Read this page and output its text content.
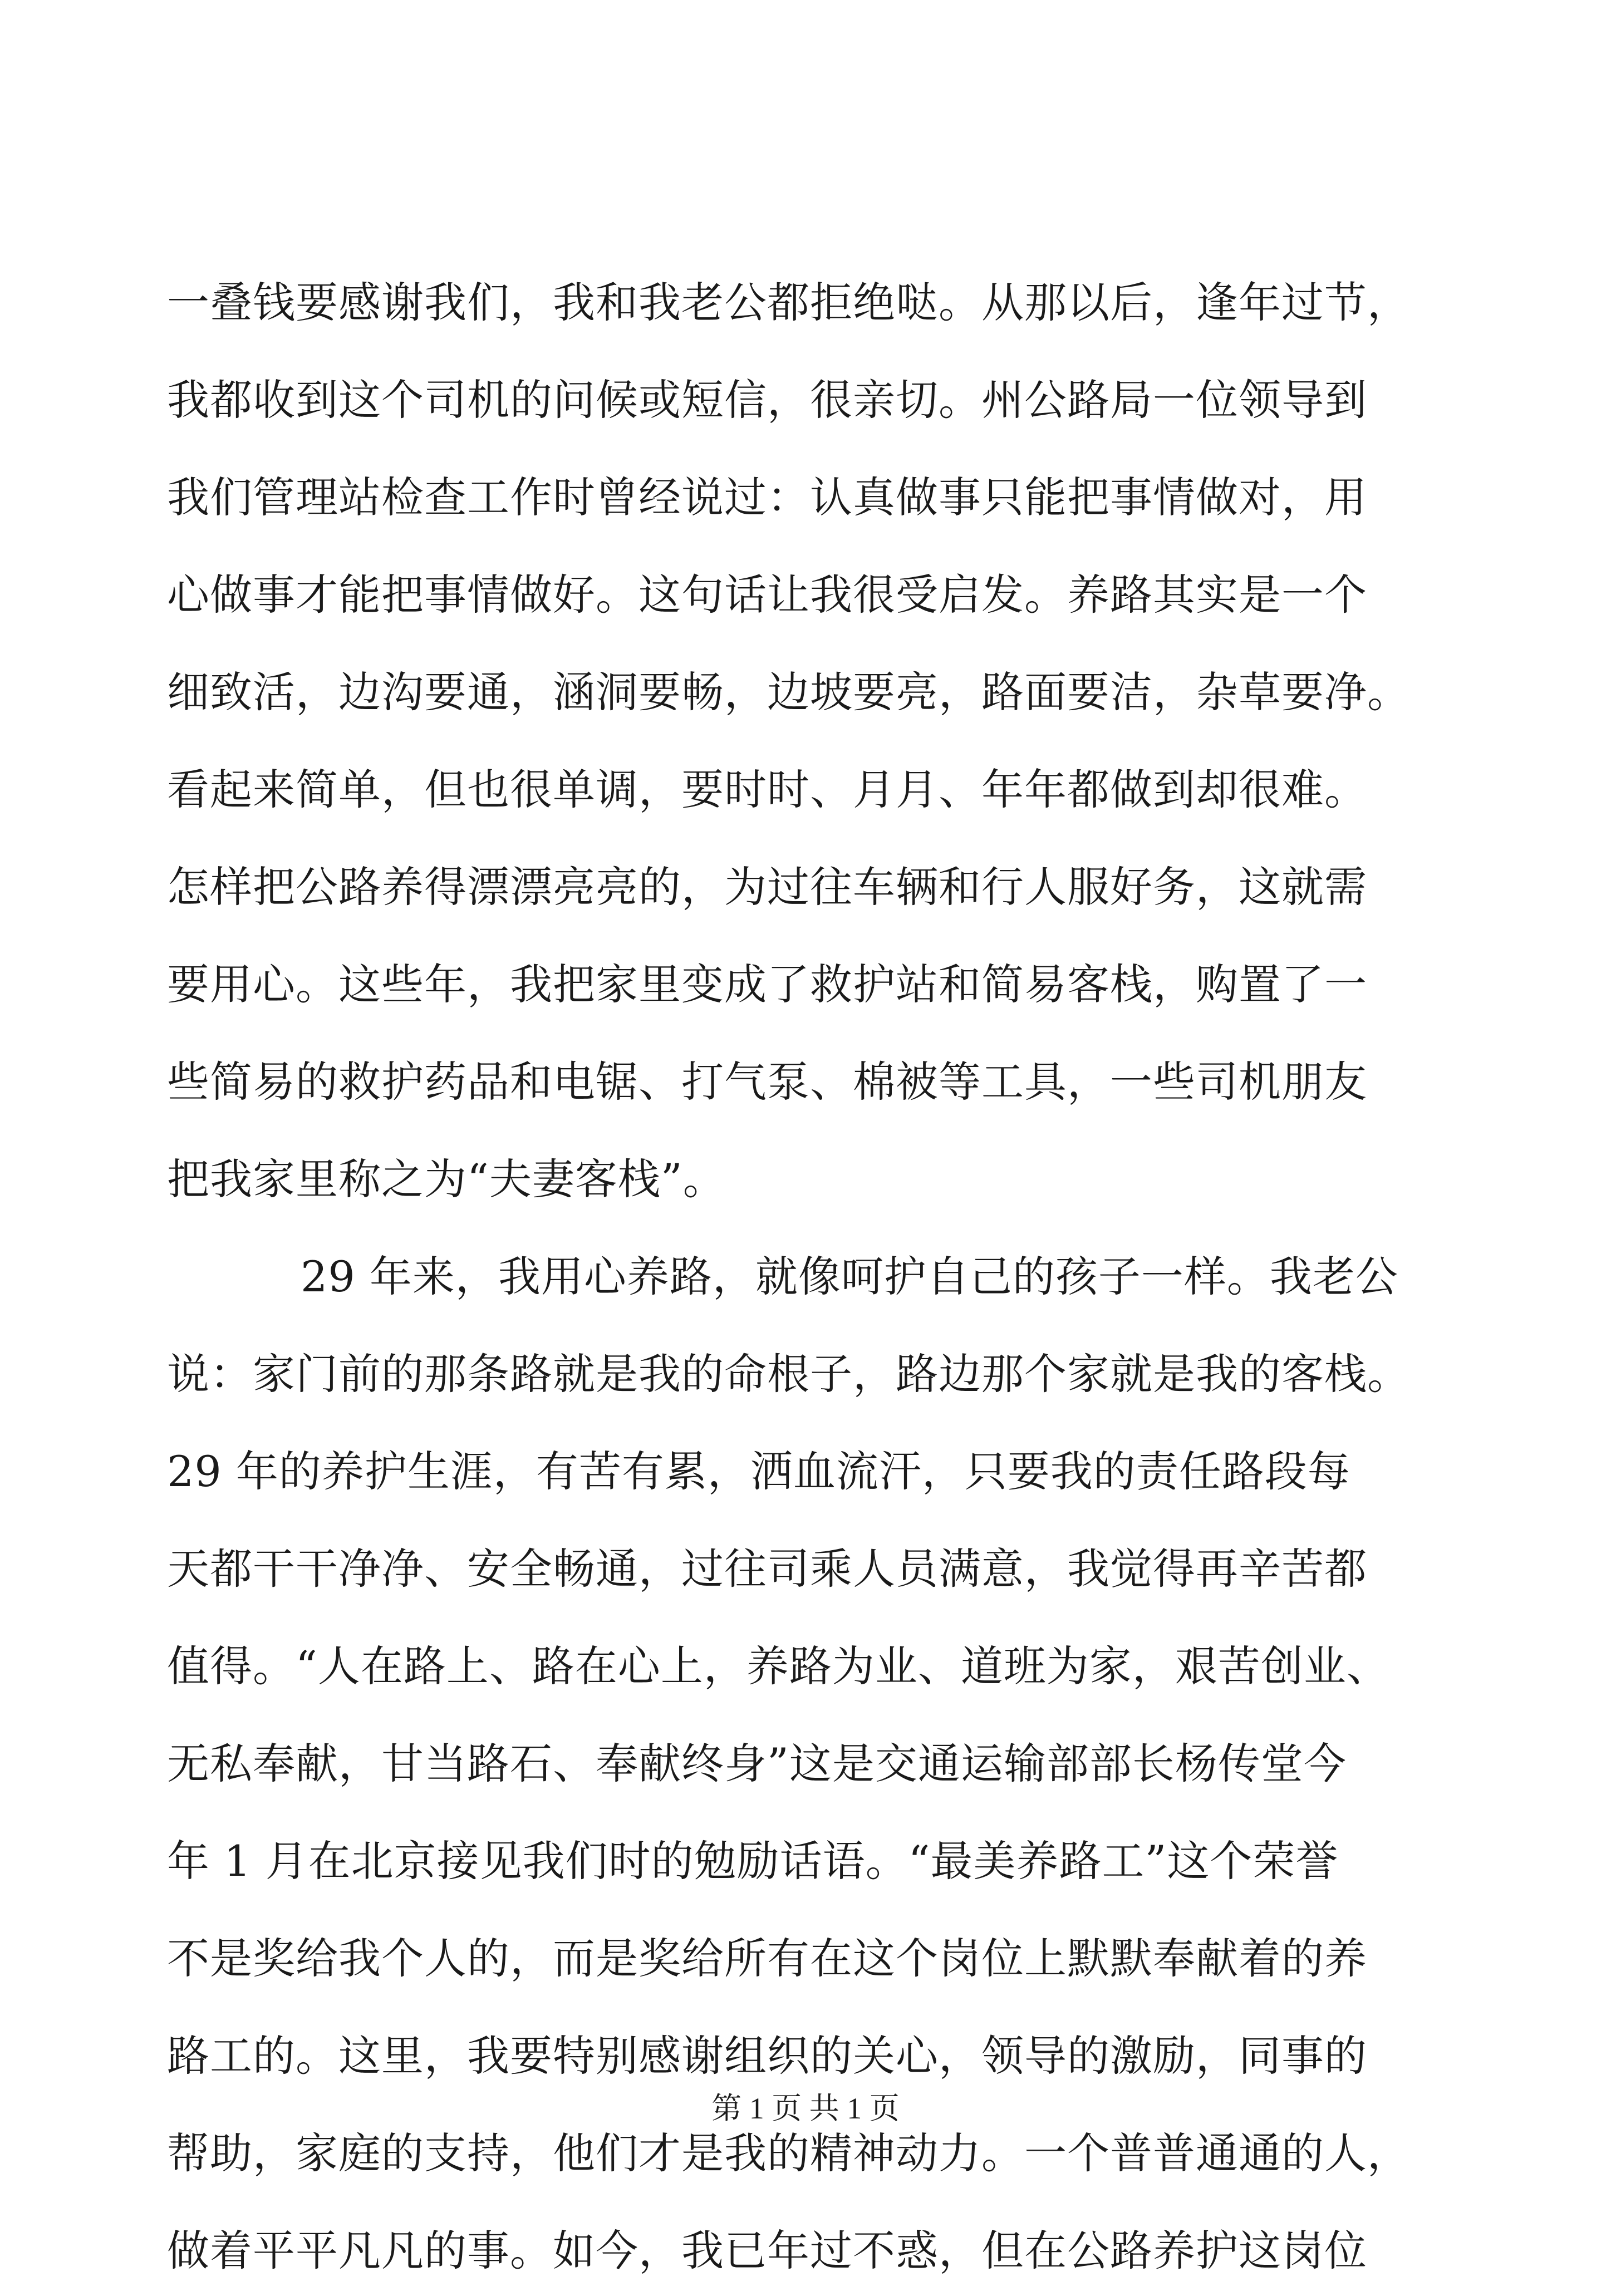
一叠钱要感谢我们，我和我老公都拒绝哒。从那以后，逢年过节，
我都收到这个司机的问候或短信，很亲切。州公路局一位领导到
我们管理站检查工作时曾经说过：认真做事只能把事情做对，用
心做事才能把事情做好。这句话让我很受启发。养路其实是一个
细致活，边沟要通，涵洞要畅，边坡要亮，路面要洁，杂草要净。
看起来简单，但也很单调，要时时、月月、年年都做到却很难。
怎样把公路养得漂漂亮亮的，为过往车辆和行人服好务，这就需
要用心。这些年，我把家里变成了救护站和简易客栈，购置了一
些简易的救护药品和电锯、打气泵、棉被等工具，一些司机朋友
把我家里称之为“夫妻客栈”。
29 年来，我用心养路，就像呵护自己的孩子一样。我老公
说：家门前的那条路就是我的命根子，路边那个家就是我的客栈。
29 年的养护生涯，有苦有累，洒血流汗，只要我的责任路段每
天都干干净净、安全畅通，过往司乘人员满意，我觉得再辛苦都
值得。“人在路上、路在心上，养路为业、道班为家，艰苦创业、
无私奉献，甘当路石、奉献终身”这是交通运输部部长杨传堂今
年 1 月在北京接见我们时的勉励话语。“最美养路工”这个荣誉
不是奖给我个人的，而是奖给所有在这个岗位上默默奉献着的养
路工的。这里，我要特别感谢组织的关心，领导的激励，同事的
帮助，家庭的支持，他们才是我的精神动力。一个普普通通的人，
做着平平凡凡的事。如今，我已年过不惑，但在公路养护这岗位
第 1 页 共 1 页
